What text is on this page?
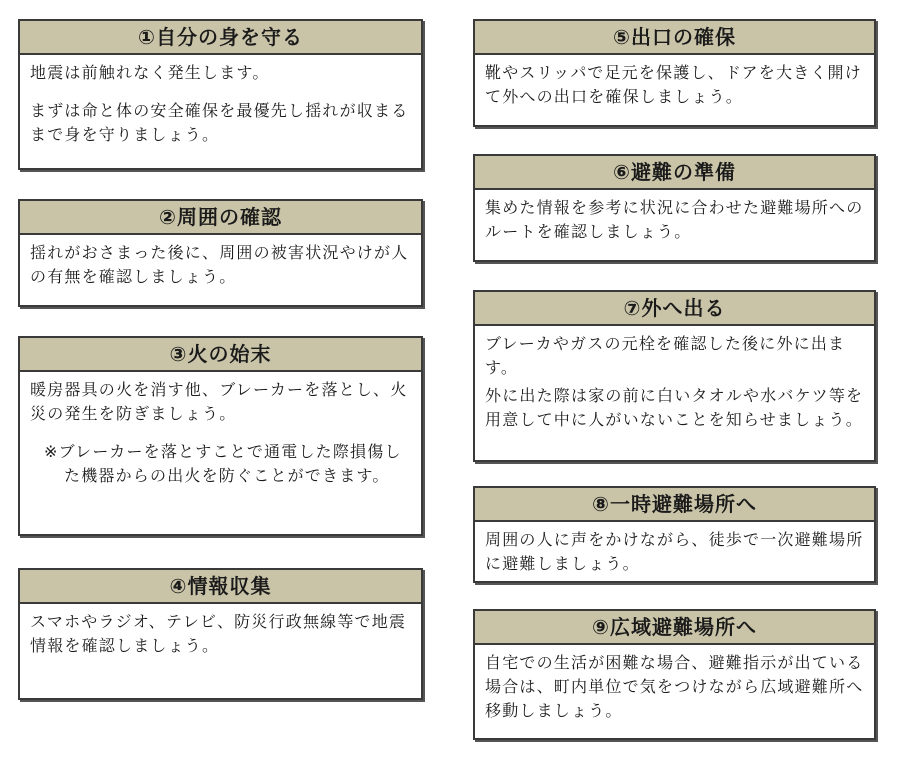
①自分の身を守る

地震は前触れなく発生します。

まずは命と体の安全確保を最優先し揺れが収まるまで身を守りましょう。

②周囲の確認

揺れがおさまった後に、周囲の被害状況やけが人の有無を確認しましょう。

③火の始末

暖房器具の火を消す他、ブレーカーを落とし、火災の発生を防ぎましょう。

※ブレーカーを落とすことで通電した際損傷した機器からの出火を防ぐことができます。

④情報収集

スマホやラジオ、テレビ、防災行政無線等で地震情報を確認しましょう。

⑤出口の確保

靴やスリッパで足元を保護し、ドアを大きく開けて外への出口を確保しましょう。

⑥避難の準備

集めた情報を参考に状況に合わせた避難場所へのルートを確認しましょう。

⑦外へ出る

ブレーカやガスの元栓を確認した後に外に出ます。

外に出た際は家の前に白いタオルや水バケツ等を用意して中に人がいないことを知らせましょう。

⑧一時避難場所へ

周囲の人に声をかけながら、徒歩で一次避難場所に避難しましょう。

⑨広域避難場所へ

自宅での生活が困難な場合、避難指示が出ている場合は、町内単位で気をつけながら広域避難所へ移動しましょう。
